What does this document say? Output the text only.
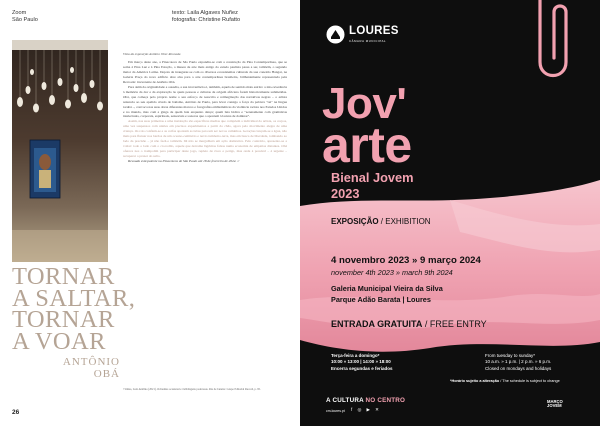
Zoom
São Paulo
texto: Laila Algaves Nuñez
fotografia: Christine Rufatto
Vista da exposição Antônio Obá: Revoada

Em março deste ano, a Pinacoteca de São Paulo expandiu-se com a construção da Pina Contemporânea, que se soma à Pina Luz e à Pina Estação, o museu de arte mais antigo do estado paulista passa a ser, também, o segundo maior da América Latina. Depois de inaugurar-se com os diversos ecossistemas culturais da sua conexão Hangar, na Galeria Praça do novo edifício abre alas para a arte contemporânea brasileira, brilhantemente representada pela Revoada: irreverente de Antônio Obá.

Para além da originalidade e ousadia, a sua irreverência é, também, aquela de sentido mais estrito: a não-reverência à memória da dor e da exploração às quais pessoas e culturas de origem africana foram historicamente submetidas. Obá, que começa pelo próprio nome o seu esforço de reescrita e reimaginação das narrativas negras – o artista renuncia ao seu apelido criado de batismo, Antônio de Paula, para levar consigo a força da palavra "rei" na língua iorubá –, convoca nas suas obras diferentes marcos e fotografias emblemáticas da violência racista nos Estados Unidos e no mundo, mas com a ginga de quem luta enquanto dança; quem luta lúdica e "serenamente com gramáticas intelectuais, corporais, espirituais, sensoriais e sonoras que o apontem à lacuna de dominar".

Assim, nas suas primeiras e uma instalação são específicas medias que compõem a individual do artista, os corpos, uma vez suspensos com uniões em precisos experimentos a partir do chão, agora pelo movimento alegre de uma criança. Os rois confiam-se e as coifas apontam as tubas para um ser novos caminhos. Gerações lançam-se a água, não mais para flutuar nos bardos de um oceano-cemitério e navio tumbeiro-terra, mas em busca de liberdade, tombando ao lado da precisão – já não fazê-o também. Ilê não se mergulhará em ação doméstica. Pelo contrário, apresento-se a voltar: todo o lado com o crocodilo, aquele que derrama lágrimas falsas numa economia de empatias distantes. Obá oferece nos o trampolim para participar deste jogo, repleto de risco e perigo, mas onde é possível – é urgente – recuperar o prazer do salto.

Revoada está patente na Pinacoteca de São Paulo até 18 de fevereiro de 2024. //

TORNAR
A SALTAR,
TORNAR
A VOAR
ANTÔNIO
OBÁ
¹ Simas, Luiz Antônio (2021). Ocinemas ocasional e vizibilagens poderosas. Rio de Janeiro: Grupo Editorial Record, p. 95.
26
LOURES
CÂMARA MUNICIPAL
Jov'
arte
Bienal Jovem
2023
EXPOSIÇÃO / EXHIBITION
4 novembro 2023 » 9 março 2024
november 4th 2023 » march 9th 2024
Galeria Municipal Vieira da Silva
Parque Adão Barata | Loures
ENTRADA GRATUITA / FREE ENTRY
Terça-feira a domingo*
10:00 » 13:00 | 14:00 » 18:00
Encerra segundas e feriados
From tuesday to sunday*
10 a.m. » 1 p.m. | 2 p.m. » 6 p.m.
Closed on mondays and holidays
*Horário sujeito a alteração / The schedule is subject to change
A CULTURA NO CENTRO
cm-loures.pt f ◎ ▶ ✕
MARÇO
JOVEM
